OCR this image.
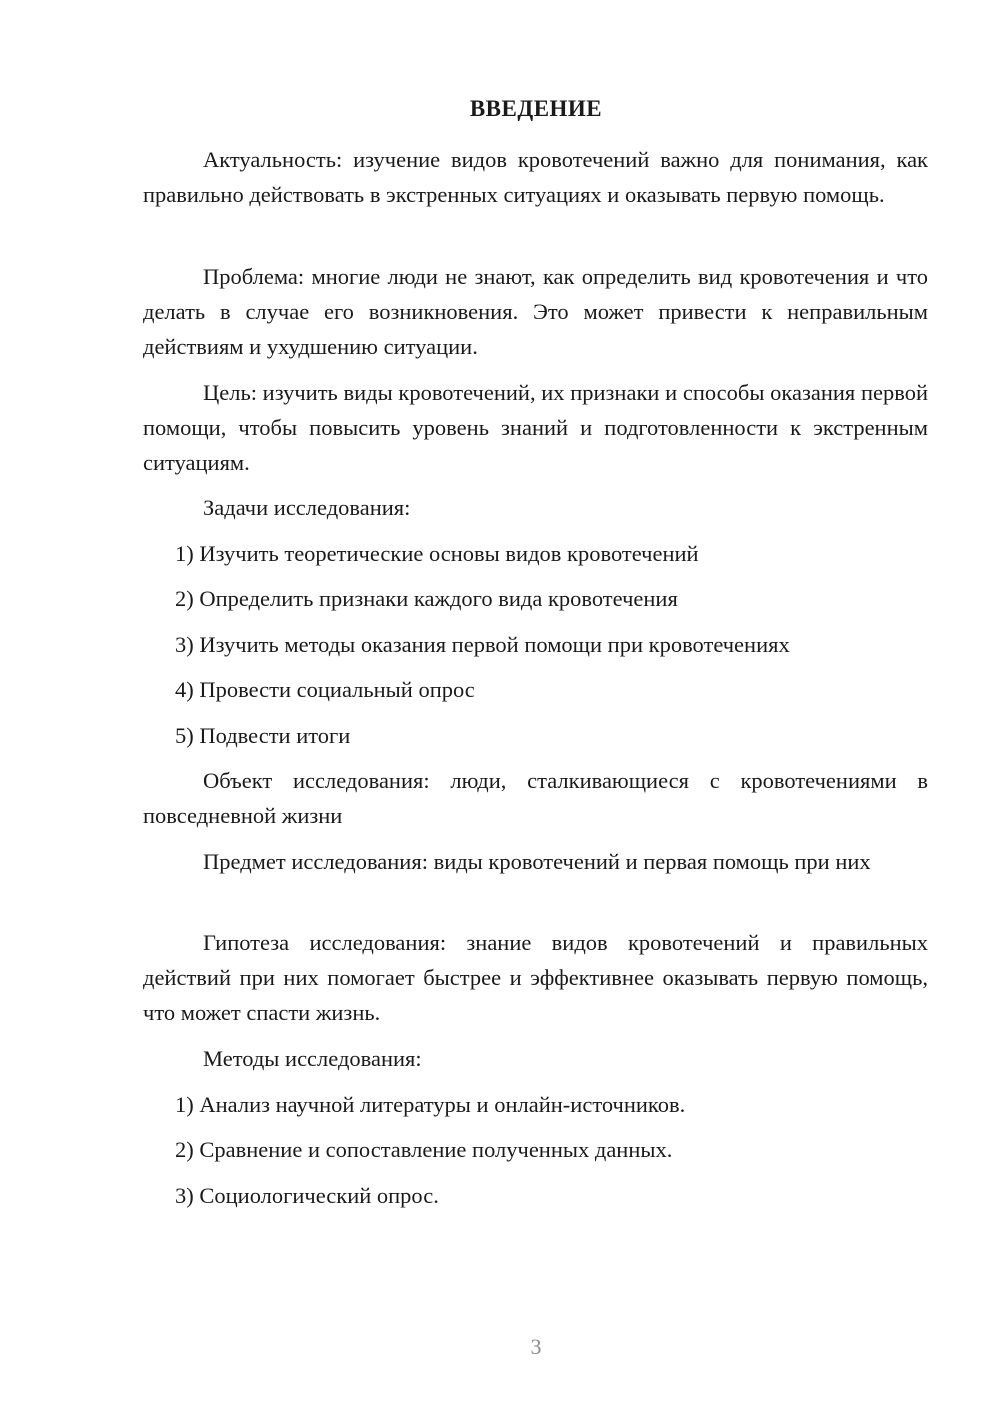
ВВЕДЕНИЕ

Актуальность: изучение видов кровотечений важно для понимания, как правильно действовать в экстренных ситуациях и оказывать первую помощь.

Проблема: многие люди не знают, как определить вид кровотечения и что делать в случае его возникновения. Это может привести к неправильным действиям и ухудшению ситуации.

Цель: изучить виды кровотечений, их признаки и способы оказания первой помощи, чтобы повысить уровень знаний и подготовленности к экстренным ситуациям.

Задачи исследования:

1) Изучить теоретические основы видов кровотечений

2) Определить признаки каждого вида кровотечения

3) Изучить методы оказания первой помощи при кровотечениях

4) Провести социальный опрос

5) Подвести итоги

Объект исследования: люди, сталкивающиеся с кровотечениями в повседневной жизни

Предмет исследования: виды кровотечений и первая помощь при них

Гипотеза исследования: знание видов кровотечений и правильных действий при них помогает быстрее и эффективнее оказывать первую помощь, что может спасти жизнь.

Методы исследования:

1) Анализ научной литературы и онлайн-источников.

2) Сравнение и сопоставление полученных данных.

3) Социологический опрос.

3
